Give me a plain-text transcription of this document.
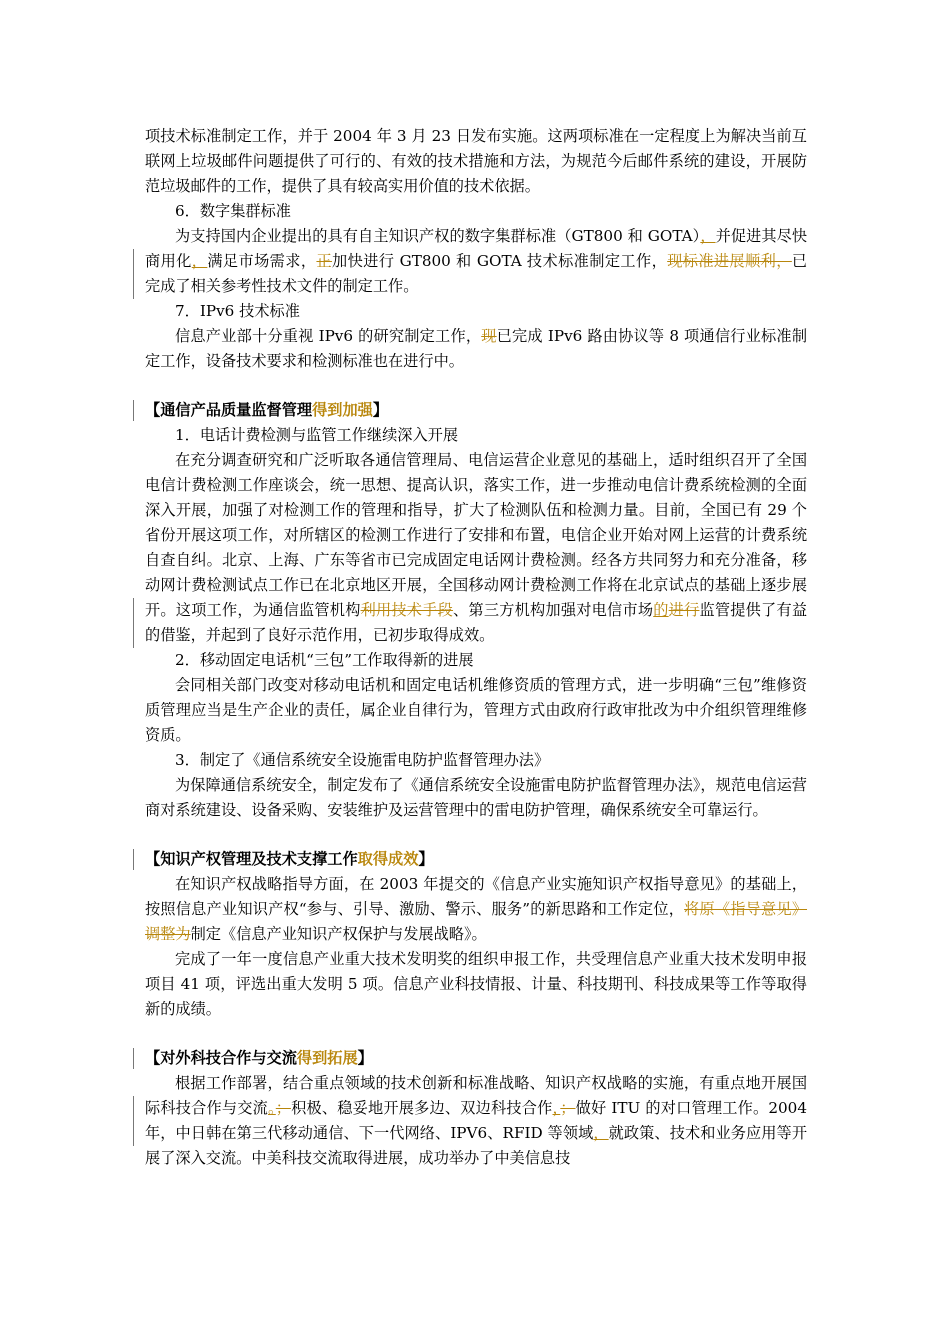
项技术标准制定工作，并于 2004 年 3 月 23 日发布实施。这两项标准在一定程度上为解决当前互联网上垃圾邮件问题提供了可行的、有效的技术措施和方法，为规范今后邮件系统的建设，开展防范垃圾邮件的工作，提供了具有较高实用价值的技术依据。

6．数字集群标准

为支持国内企业提出的具有自主知识产权的数字集群标准（GT800 和 GOTA），并促进其尽快商用化，满足市场需求，正加快进行 GT800 和 GOTA 技术标准制定工作，现标准进展顺利，已完成了相关参考性技术文件的制定工作。

7．IPv6 技术标准

信息产业部十分重视 IPv6 的研究制定工作，现已完成 IPv6 路由协议等 8 项通信行业标准制定工作，设备技术要求和检测标准也在进行中。

【通信产品质量监督管理得到加强】

1．电话计费检测与监管工作继续深入开展

在充分调查研究和广泛听取各通信管理局、电信运营企业意见的基础上，适时组织召开了全国电信计费检测工作座谈会，统一思想、提高认识，落实工作，进一步推动电信计费系统检测的全面深入开展，加强了对检测工作的管理和指导，扩大了检测队伍和检测力量。目前，全国已有 29 个省份开展这项工作，对所辖区的检测工作进行了安排和布置，电信企业开始对网上运营的计费系统自查自纠。北京、上海、广东等省市已完成固定电话网计费检测。经各方共同努力和充分准备，移动网计费检测试点工作已在北京地区开展，全国移动网计费检测工作将在北京试点的基础上逐步展开。这项工作，为通信监管机构利用技术手段、第三方机构加强对电信市场的进行监管提供了有益的借鉴，并起到了良好示范作用，已初步取得成效。

2．移动固定电话机“三包”工作取得新的进展

会同相关部门改变对移动电话机和固定电话机维修资质的管理方式，进一步明确“三包”维修资质管理应当是生产企业的责任，属企业自律行为，管理方式由政府行政审批改为中介组织管理维修资质。

3．制定了《通信系统安全设施雷电防护监督管理办法》

为保障通信系统安全，制定发布了《通信系统安全设施雷电防护监督管理办法》，规范电信运营商对系统建设、设备采购、安装维护及运营管理中的雷电防护管理，确保系统安全可靠运行。

【知识产权管理及技术支撑工作取得成效】

在知识产权战略指导方面，在 2003 年提交的《信息产业实施知识产权指导意见》的基础上，按照信息产业知识产权“参与、引导、激励、警示、服务”的新思路和工作定位，将原《指导意见》调整为制定《信息产业知识产权保护与发展战略》。

完成了一年一度信息产业重大技术发明奖的组织申报工作，共受理信息产业重大技术发明申报项目 41 项，评选出重大发明 5 项。信息产业科技情报、计量、科技期刊、科技成果等工作等取得新的成绩。

【对外科技合作与交流得到拓展】

根据工作部署，结合重点领域的技术创新和标准战略、知识产权战略的实施，有重点地开展国际科技合作与交流。；积极、稳妥地开展多边、双边科技合作，；做好 ITU 的对口管理工作。2004 年，中日韩在第三代移动通信、下一代网络、IPV6、RFID 等领域，就政策、技术和业务应用等开展了深入交流。中美科技交流取得进展，成功举办了中美信息技
